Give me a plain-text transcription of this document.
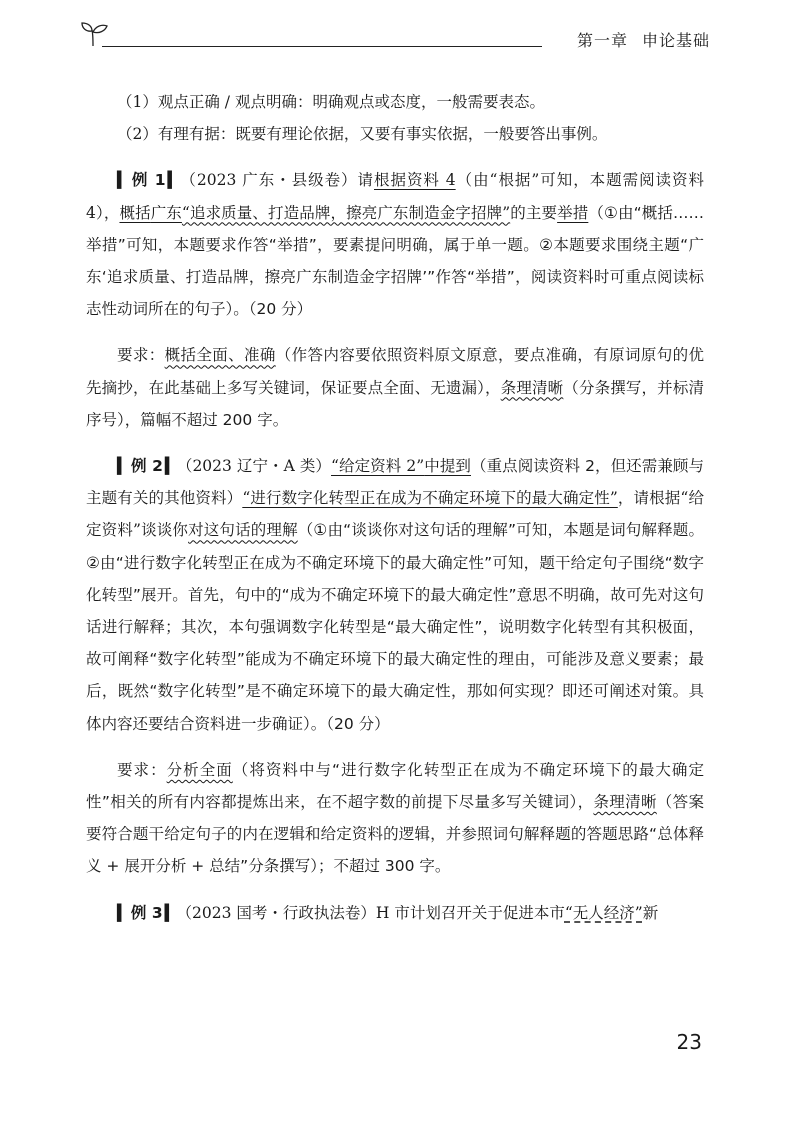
第一章 申论基础

（1）观点正确 / 观点明确：明确观点或态度，一般需要表态。

（2）有理有据：既要有理论依据，又要有事实依据，一般要答出事例。

▍ 例 1 ▍ （2023 广东・县级卷）请根据资料 4（由“根据”可知，本题需阅读资料 4），概括广东“追求质量、打造品牌，擦亮广东制造金字招牌”的主要举措（①由“概括……举措”可知，本题要求作答“举措”，要素提问明确，属于单一题。②本题要求围绕主题“广东‘追求质量、打造品牌，擦亮广东制造金字招牌’”作答“举措”，阅读资料时可重点阅读标志性动词所在的句子）。（20 分）

要求：概括全面、准确（作答内容要依照资料原文原意，要点准确，有原词原句的优先摘抄，在此基础上多写关键词，保证要点全面、无遗漏），条理清晰（分条撰写，并标清序号），篇幅不超过 200 字。

▍ 例 2 ▍ （2023 辽宁・A 类）“给定资料 2”中提到（重点阅读资料 2，但还需兼顾与主题有关的其他资料）“进行数字化转型正在成为不确定环境下的最大确定性”，请根据“给定资料”谈谈你对这句话的理解（①由“谈谈你对这句话的理解”可知，本题是词句解释题。②由“进行数字化转型正在成为不确定环境下的最大确定性”可知，题干给定句子围绕“数字化转型”展开。首先，句中的“成为不确定环境下的最大确定性”意思不明确，故可先对这句话进行解释；其次，本句强调数字化转型是“最大确定性”，说明数字化转型有其积极面，故可阐释“数字化转型”能成为不确定环境下的最大确定性的理由，可能涉及意义要素；最后，既然“数字化转型”是不确定环境下的最大确定性，那如何实现？即还可阐述对策。具体内容还要结合资料进一步确证）。（20 分）

要求：分析全面（将资料中与“进行数字化转型正在成为不确定环境下的最大确定性”相关的所有内容都提炼出来，在不超字数的前提下尽量多写关键词），条理清晰（答案要符合题干给定句子的内在逻辑和给定资料的逻辑，并参照词句解释题的答题思路“总体释义 + 展开分析 + 总结”分条撰写）；不超过 300 字。

▍ 例 3 ▍ （2023 国考・行政执法卷）H 市计划召开关于促进本市“无人经济”新

23
